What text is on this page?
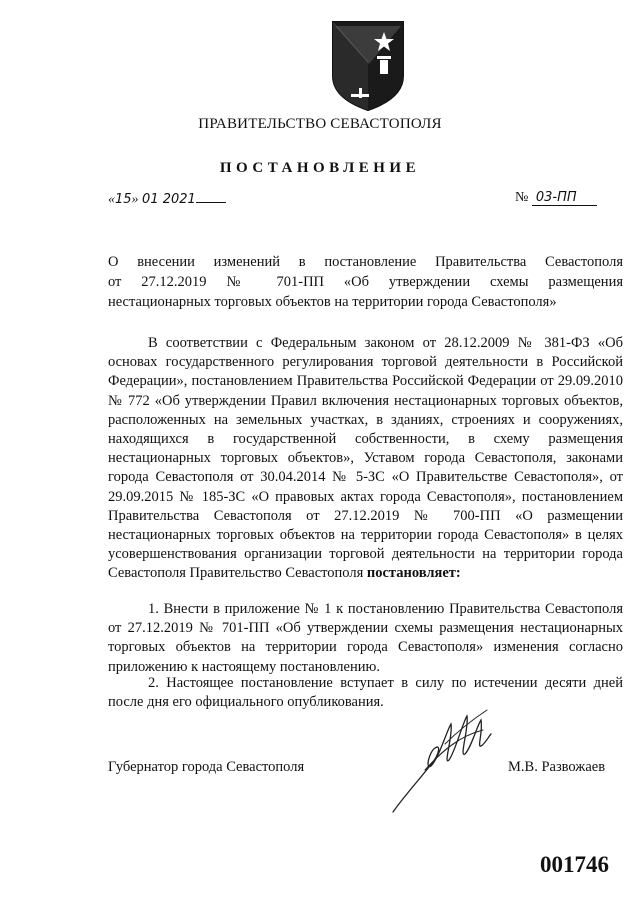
ПРАВИТЕЛЬСТВО СЕВАСТОПОЛЯ
ПОСТАНОВЛЕНИЕ
«15» 01 2021	№ 03-ПП
О внесении изменений в постановление Правительства Севастополя
от 27.12.2019 № 701-ПП «Об утверждении схемы размещения
нестационарных торговых объектов на территории города Севастополя»

В соответствии с Федеральным законом от 28.12.2009 № 381-ФЗ «Об основах государственного регулирования торговой деятельности в Российской Федерации», постановлением Правительства Российской Федерации от 29.09.2010 № 772 «Об утверждении Правил включения нестационарных торговых объектов, расположенных на земельных участках, в зданиях, строениях и сооружениях, находящихся в государственной собственности, в схему размещения нестационарных торговых объектов», Уставом города Севастополя, законами города Севастополя от 30.04.2014 № 5-ЗС «О Правительстве Севастополя», от 29.09.2015 № 185-ЗС «О правовых актах города Севастополя», постановлением Правительства Севастополя от 27.12.2019 № 700-ПП «О размещении нестационарных торговых объектов на территории города Севастополя» в целях усовершенствования организации торговой деятельности на территории города Севастополя Правительство Севастополя постановляет:

1. Внести в приложение № 1 к постановлению Правительства Севастополя от 27.12.2019 № 701-ПП «Об утверждении схемы размещения нестационарных торговых объектов на территории города Севастополя» изменения согласно приложению к настоящему постановлению.

2. Настоящее постановление вступает в силу по истечении десяти дней после дня его официального опубликования.

Губернатор города Севастополя	М.В. Развожаев
001746
